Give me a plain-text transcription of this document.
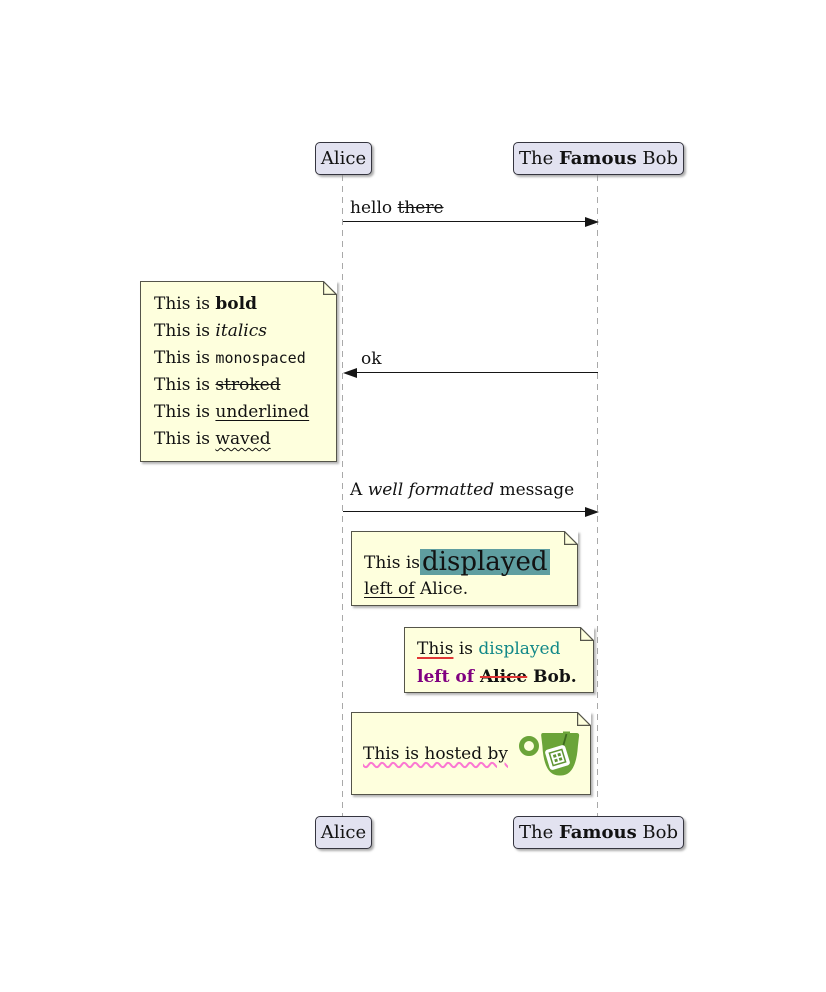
Alice	The Famous Bob
hello there
This is bold
This is italics
This is monospaced
This is stroked
This is underlined
This is waved
ok
A well formatted message
This is displayed
left of Alice.
This is displayed
left of Alice Bob.
This is hosted by
Alice	The Famous Bob
